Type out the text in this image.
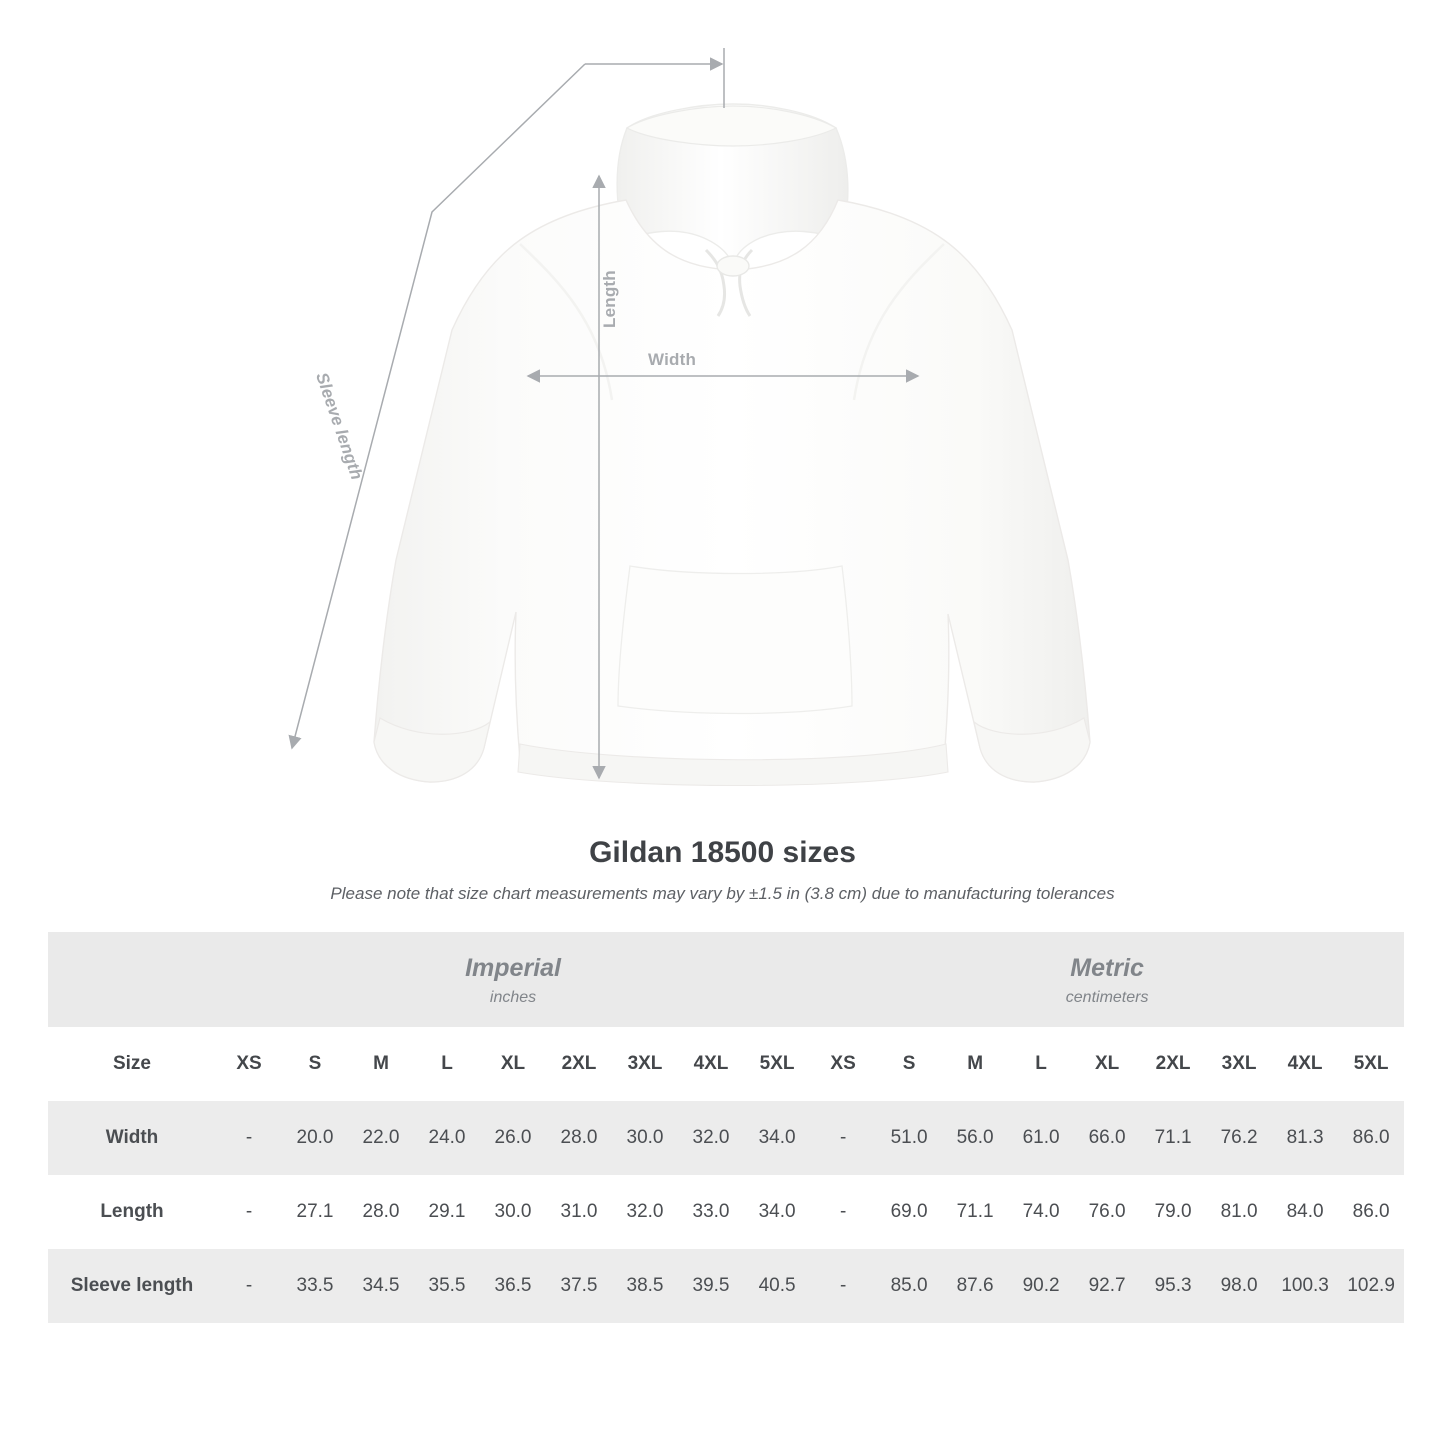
Width
Length
Sleeve length
Gildan 18500 sizes

Please note that size chart measurements may vary by ±1.5 in (3.8 cm) due to manufacturing tolerances

	Imperial
inches									Metric
centimeters								

Size	XS	S	M	L	XL	2XL	3XL	4XL	5XL	XS	S	M	L	XL	2XL	3XL	4XL	5XL
Width	-	20.0	22.0	24.0	26.0	28.0	30.0	32.0	34.0	-	51.0	56.0	61.0	66.0	71.1	76.2	81.3	86.0
Length	-	27.1	28.0	29.1	30.0	31.0	32.0	33.0	34.0	-	69.0	71.1	74.0	76.0	79.0	81.0	84.0	86.0
Sleeve length	-	33.5	34.5	35.5	36.5	37.5	38.5	39.5	40.5	-	85.0	87.6	90.2	92.7	95.3	98.0	100.3	102.9
